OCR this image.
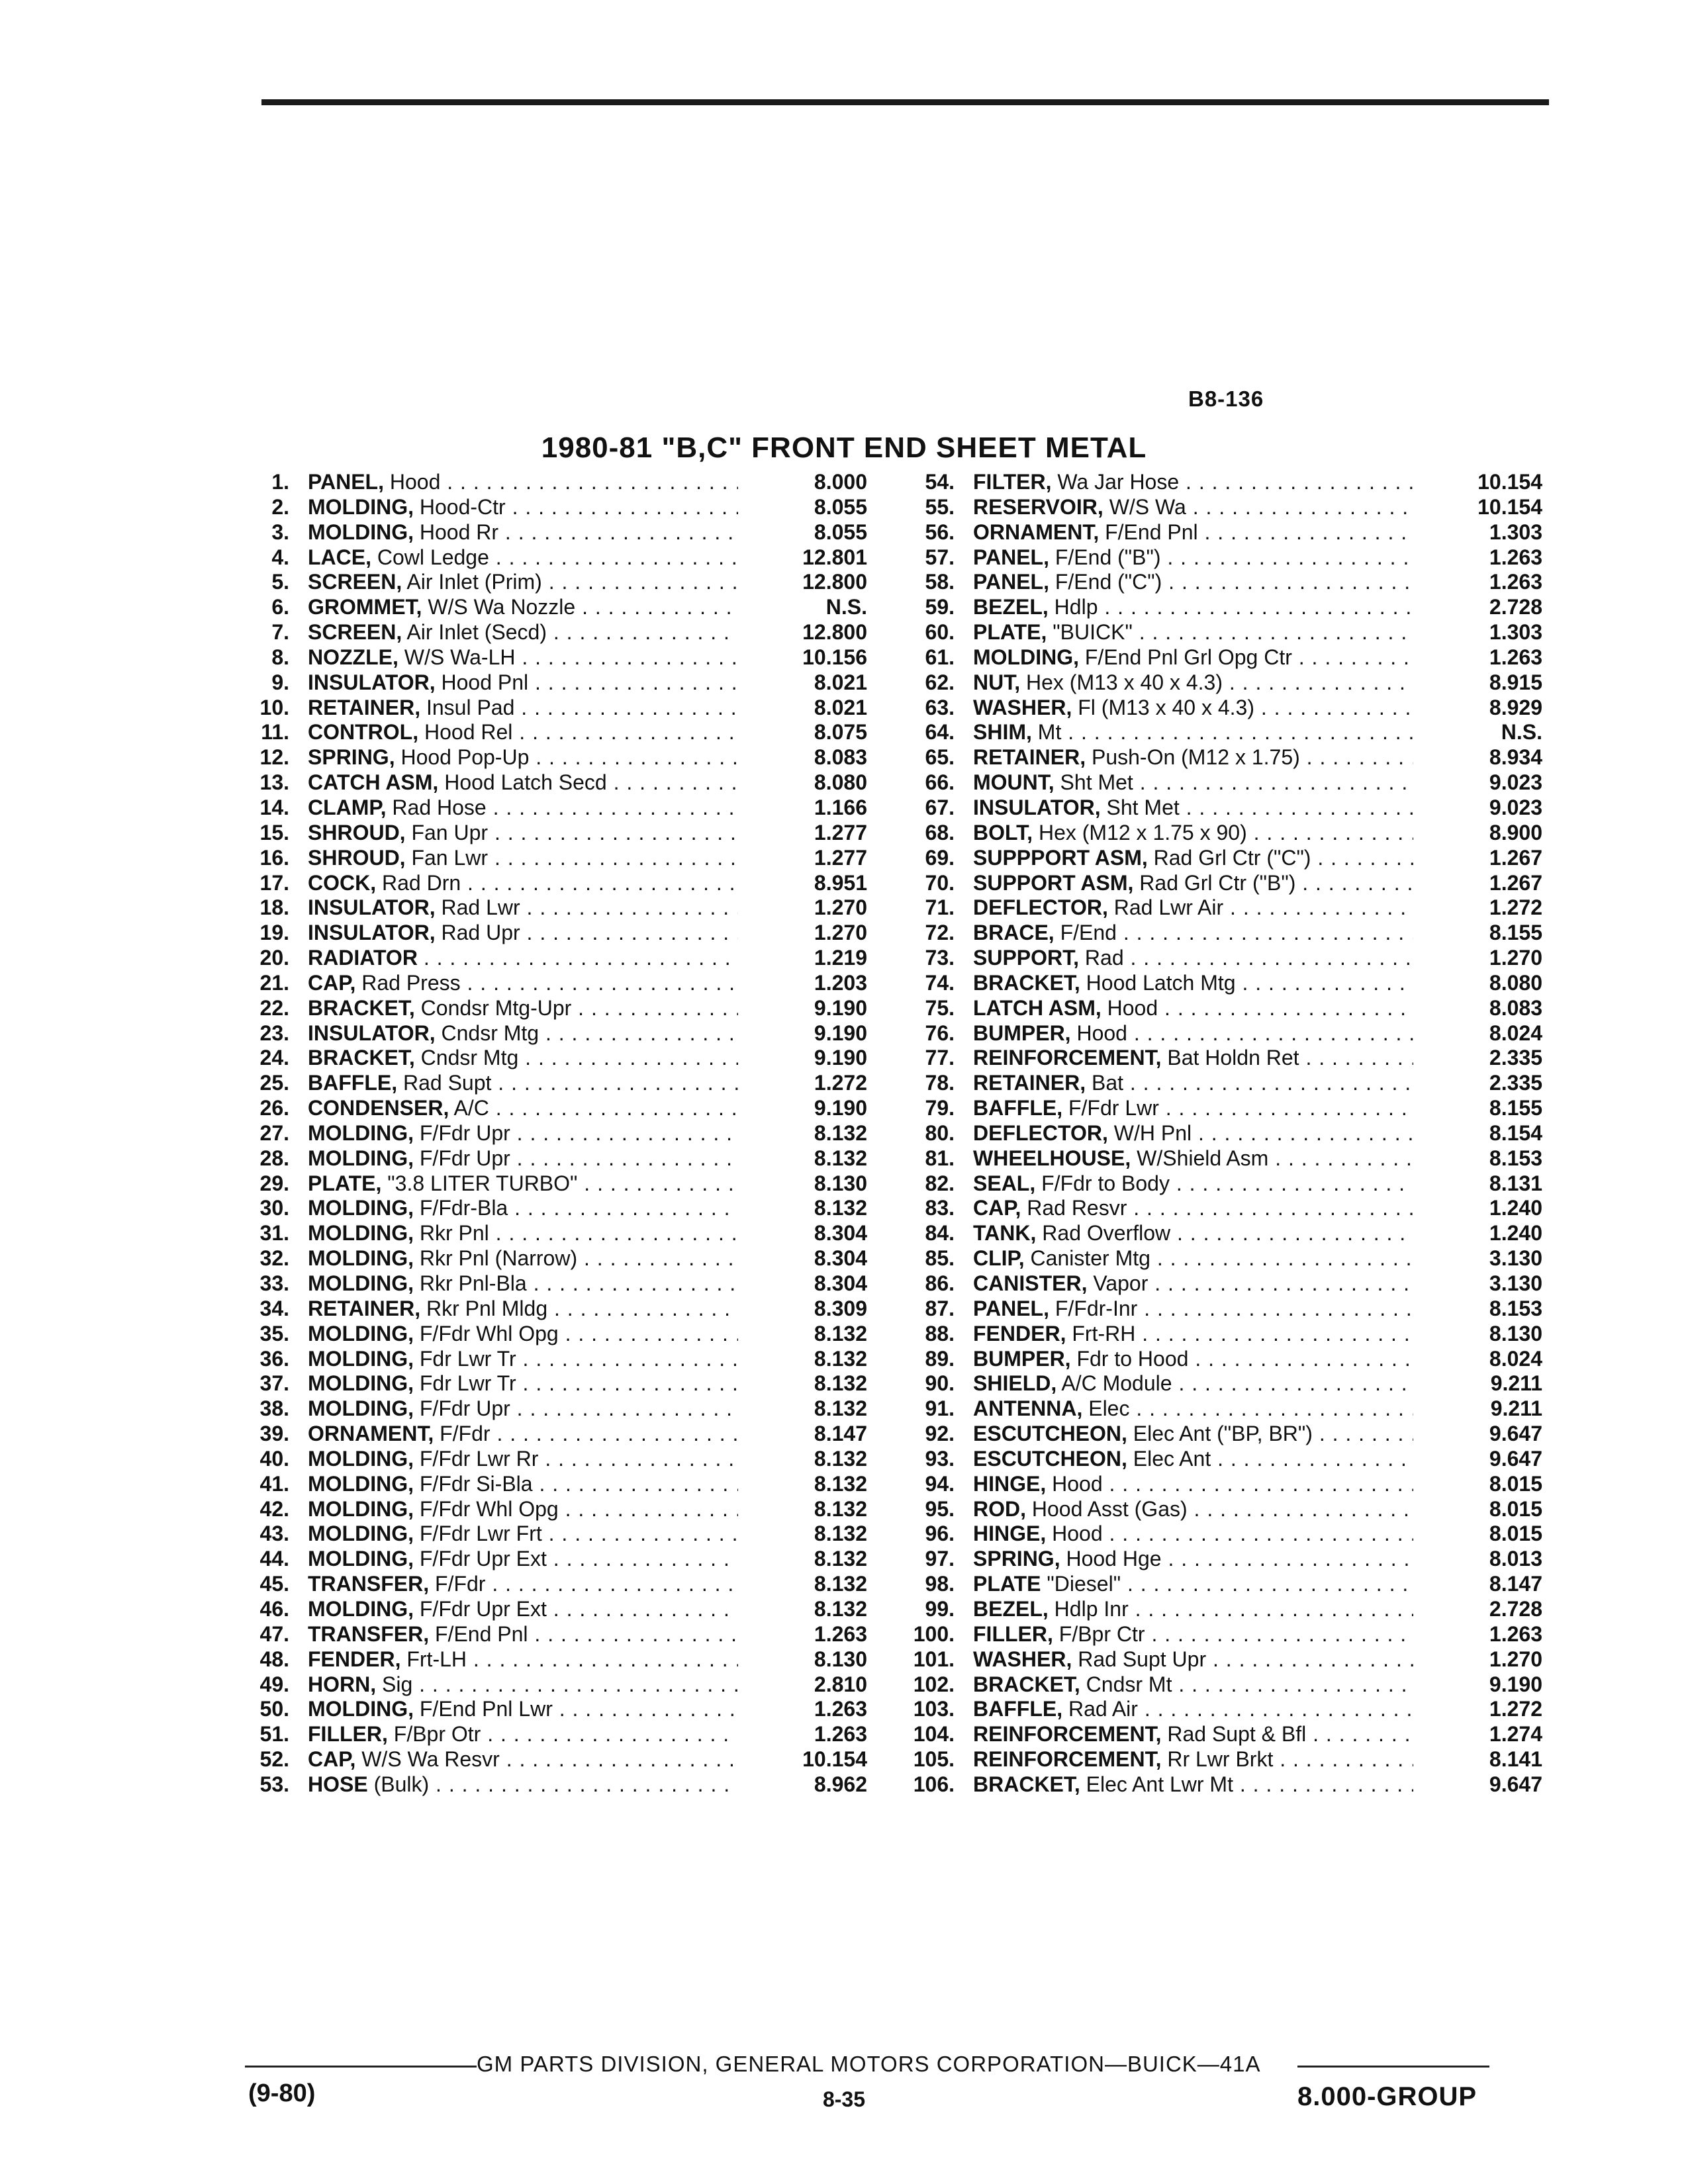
B8-136
1980-81 "B,C" FRONT END SHEET METAL
1. PANEL, Hood . . .	8.000
2. MOLDING, Hood-Ctr . . .	8.055
3. MOLDING, Hood Rr . . .	8.055
4. LACE, Cowl Ledge . . .	12.801
5. SCREEN, Air Inlet (Prim) . . .	12.800
6. GROMMET, W/S Wa Nozzle . . .	N.S.
7. SCREEN, Air Inlet (Secd) . . .	12.800
8. NOZZLE, W/S Wa-LH . . .	10.156
9. INSULATOR, Hood Pnl . . .	8.021
10. RETAINER, Insul Pad . . .	8.021
11. CONTROL, Hood Rel . . .	8.075
12. SPRING, Hood Pop-Up . . .	8.083
13. CATCH ASM, Hood Latch Secd . . .	8.080
14. CLAMP, Rad Hose . . .	1.166
15. SHROUD, Fan Upr . . .	1.277
16. SHROUD, Fan Lwr . . .	1.277
17. COCK, Rad Drn . . .	8.951
18. INSULATOR, Rad Lwr . . .	1.270
19. INSULATOR, Rad Upr . . .	1.270
20. RADIATOR . . .	1.219
21. CAP, Rad Press . . .	1.203
22. BRACKET, Condsr Mtg-Upr . . .	9.190
23. INSULATOR, Cndsr Mtg . . .	9.190
24. BRACKET, Cndsr Mtg . . .	9.190
25. BAFFLE, Rad Supt . . .	1.272
26. CONDENSER, A/C . . .	9.190
27. MOLDING, F/Fdr Upr . . .	8.132
28. MOLDING, F/Fdr Upr . . .	8.132
29. PLATE, "3.8 LITER TURBO" . . .	8.130
30. MOLDING, F/Fdr-Bla . . .	8.132
31. MOLDING, Rkr Pnl . . .	8.304
32. MOLDING, Rkr Pnl (Narrow) . . .	8.304
33. MOLDING, Rkr Pnl-Bla . . .	8.304
34. RETAINER, Rkr Pnl Mldg . . .	8.309
35. MOLDING, F/Fdr Whl Opg . . .	8.132
36. MOLDING, Fdr Lwr Tr . . .	8.132
37. MOLDING, Fdr Lwr Tr . . .	8.132
38. MOLDING, F/Fdr Upr . . .	8.132
39. ORNAMENT, F/Fdr . . .	8.147
40. MOLDING, F/Fdr Lwr Rr . . .	8.132
41. MOLDING, F/Fdr Si-Bla . . .	8.132
42. MOLDING, F/Fdr Whl Opg . . .	8.132
43. MOLDING, F/Fdr Lwr Frt . . .	8.132
44. MOLDING, F/Fdr Upr Ext . . .	8.132
45. TRANSFER, F/Fdr . . .	8.132
46. MOLDING, F/Fdr Upr Ext . . .	8.132
47. TRANSFER, F/End Pnl . . .	1.263
48. FENDER, Frt-LH . . .	8.130
49. HORN, Sig . . .	2.810
50. MOLDING, F/End Pnl Lwr . . .	1.263
51. FILLER, F/Bpr Otr . . .	1.263
52. CAP, W/S Wa Resvr . . .	10.154
53. HOSE (Bulk) . . .	8.962
54. FILTER, Wa Jar Hose . . .	10.154
55. RESERVOIR, W/S Wa . . .	10.154
56. ORNAMENT, F/End Pnl . . .	1.303
57. PANEL, F/End ("B") . . .	1.263
58. PANEL, F/End ("C") . . .	1.263
59. BEZEL, Hdlp . . .	2.728
60. PLATE, "BUICK" . . .	1.303
61. MOLDING, F/End Pnl Grl Opg Ctr . . .	1.263
62. NUT, Hex (M13 x 40 x 4.3) . . .	8.915
63. WASHER, Fl (M13 x 40 x 4.3) . . .	8.929
64. SHIM, Mt . . .	N.S.
65. RETAINER, Push-On (M12 x 1.75) . . .	8.934
66. MOUNT, Sht Met . . .	9.023
67. INSULATOR, Sht Met . . .	9.023
68. BOLT, Hex (M12 x 1.75 x 90) . . .	8.900
69. SUPPPORT ASM, Rad Grl Ctr ("C") . . .	1.267
70. SUPPORT ASM, Rad Grl Ctr ("B") . . .	1.267
71. DEFLECTOR, Rad Lwr Air . . .	1.272
72. BRACE, F/End . . .	8.155
73. SUPPORT, Rad . . .	1.270
74. BRACKET, Hood Latch Mtg . . .	8.080
75. LATCH ASM, Hood . . .	8.083
76. BUMPER, Hood . . .	8.024
77. REINFORCEMENT, Bat Holdn Ret . . .	2.335
78. RETAINER, Bat . . .	2.335
79. BAFFLE, F/Fdr Lwr . . .	8.155
80. DEFLECTOR, W/H Pnl . . .	8.154
81. WHEELHOUSE, W/Shield Asm . . .	8.153
82. SEAL, F/Fdr to Body . . .	8.131
83. CAP, Rad Resvr . . .	1.240
84. TANK, Rad Overflow . . .	1.240
85. CLIP, Canister Mtg . . .	3.130
86. CANISTER, Vapor . . .	3.130
87. PANEL, F/Fdr-Inr . . .	8.153
88. FENDER, Frt-RH . . .	8.130
89. BUMPER, Fdr to Hood . . .	8.024
90. SHIELD, A/C Module . . .	9.211
91. ANTENNA, Elec . . .	9.211
92. ESCUTCHEON, Elec Ant ("BP, BR") . . .	9.647
93. ESCUTCHEON, Elec Ant . . .	9.647
94. HINGE, Hood . . .	8.015
95. ROD, Hood Asst (Gas) . . .	8.015
96. HINGE, Hood . . .	8.015
97. SPRING, Hood Hge . . .	8.013
98. PLATE "Diesel" . . .	8.147
99. BEZEL, Hdlp Inr . . .	2.728
100. FILLER, F/Bpr Ctr . . .	1.263
101. WASHER, Rad Supt Upr . . .	1.270
102. BRACKET, Cndsr Mt . . .	9.190
103. BAFFLE, Rad Air . . .	1.272
104. REINFORCEMENT, Rad Supt & Bfl . . .	1.274
105. REINFORCEMENT, Rr Lwr Brkt . . .	8.141
106. BRACKET, Elec Ant Lwr Mt . . .	9.647
GM PARTS DIVISION, GENERAL MOTORS CORPORATION—BUICK—41A
(9-80)	8-35	8.000-GROUP
